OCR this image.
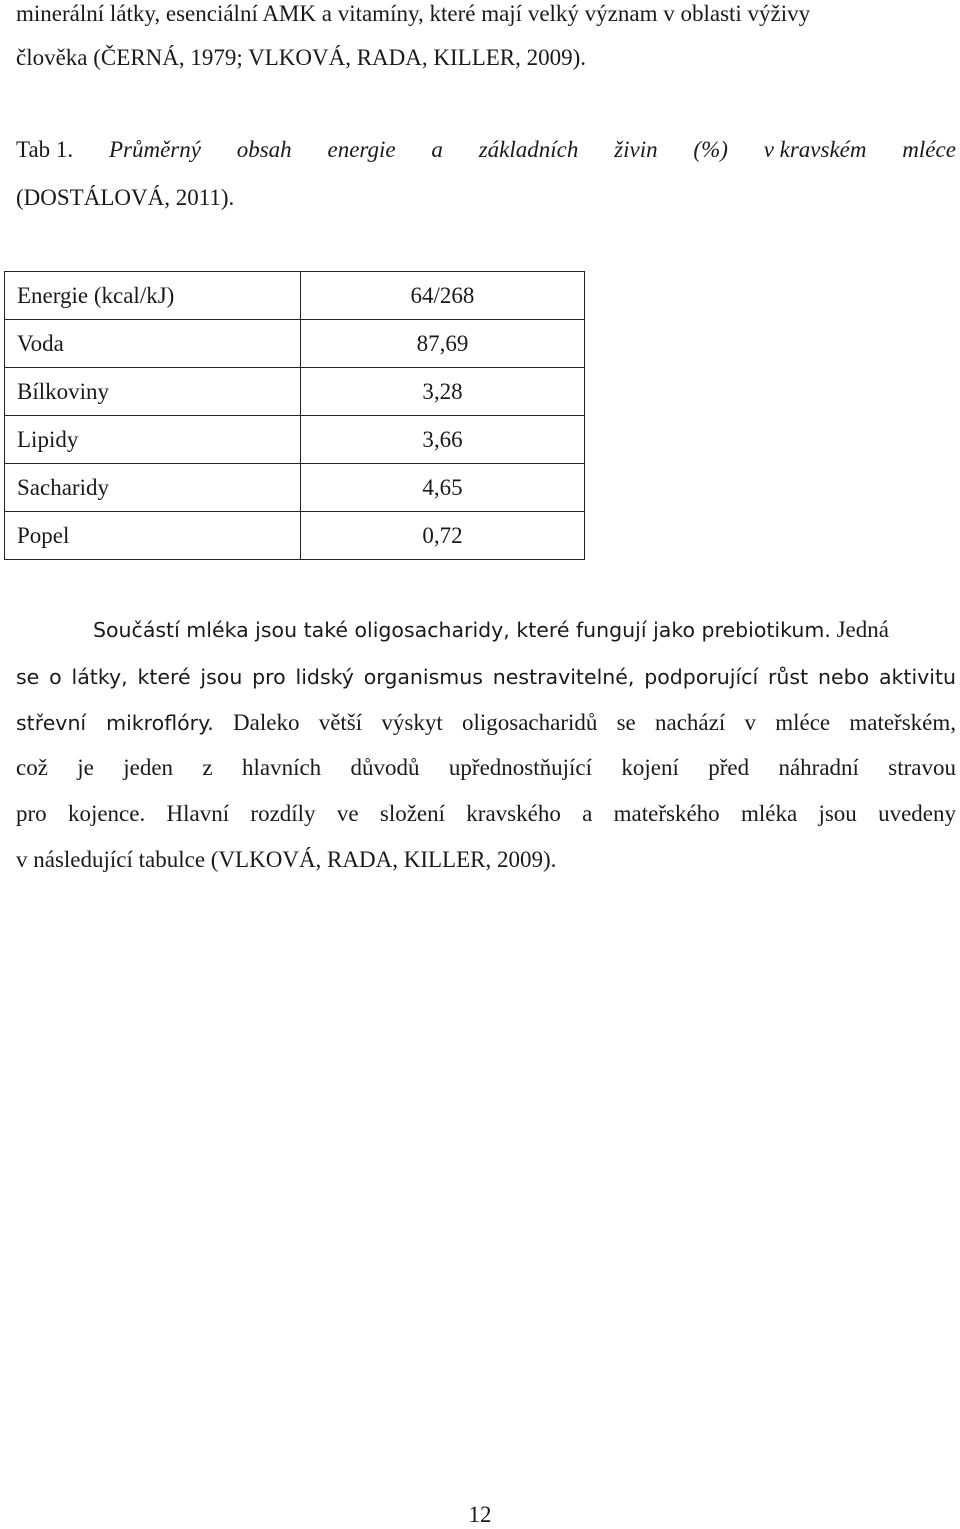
minerální látky, esenciální AMK a vitamíny, které mají velký význam v oblasti výživy
člověka (ČERNÁ, 1979; VLKOVÁ, RADA, KILLER, 2009).
Tab 1. Průměrný obsah energie a základních živin (%) v kravském mléce
(DOSTÁLOVÁ, 2011).
Energie (kcal/kJ)	64/268
Voda	87,69
Bílkoviny	3,28
Lipidy	3,66
Sacharidy	4,65
Popel	0,72
Součástí mléka jsou také oligosacharidy, které fungují jako prebiotikum. Jedná
se o látky, které jsou pro lidský organismus nestravitelné, podporující růst nebo aktivitu
střevní mikroflóry. Daleko větší výskyt oligosacharidů se nachází v mléce mateřském,
což je jeden z hlavních důvodů upřednostňující kojení před náhradní stravou
pro kojence. Hlavní rozdíly ve složení kravského a mateřského mléka jsou uvedeny
v následující tabulce (VLKOVÁ, RADA, KILLER, 2009).
12
